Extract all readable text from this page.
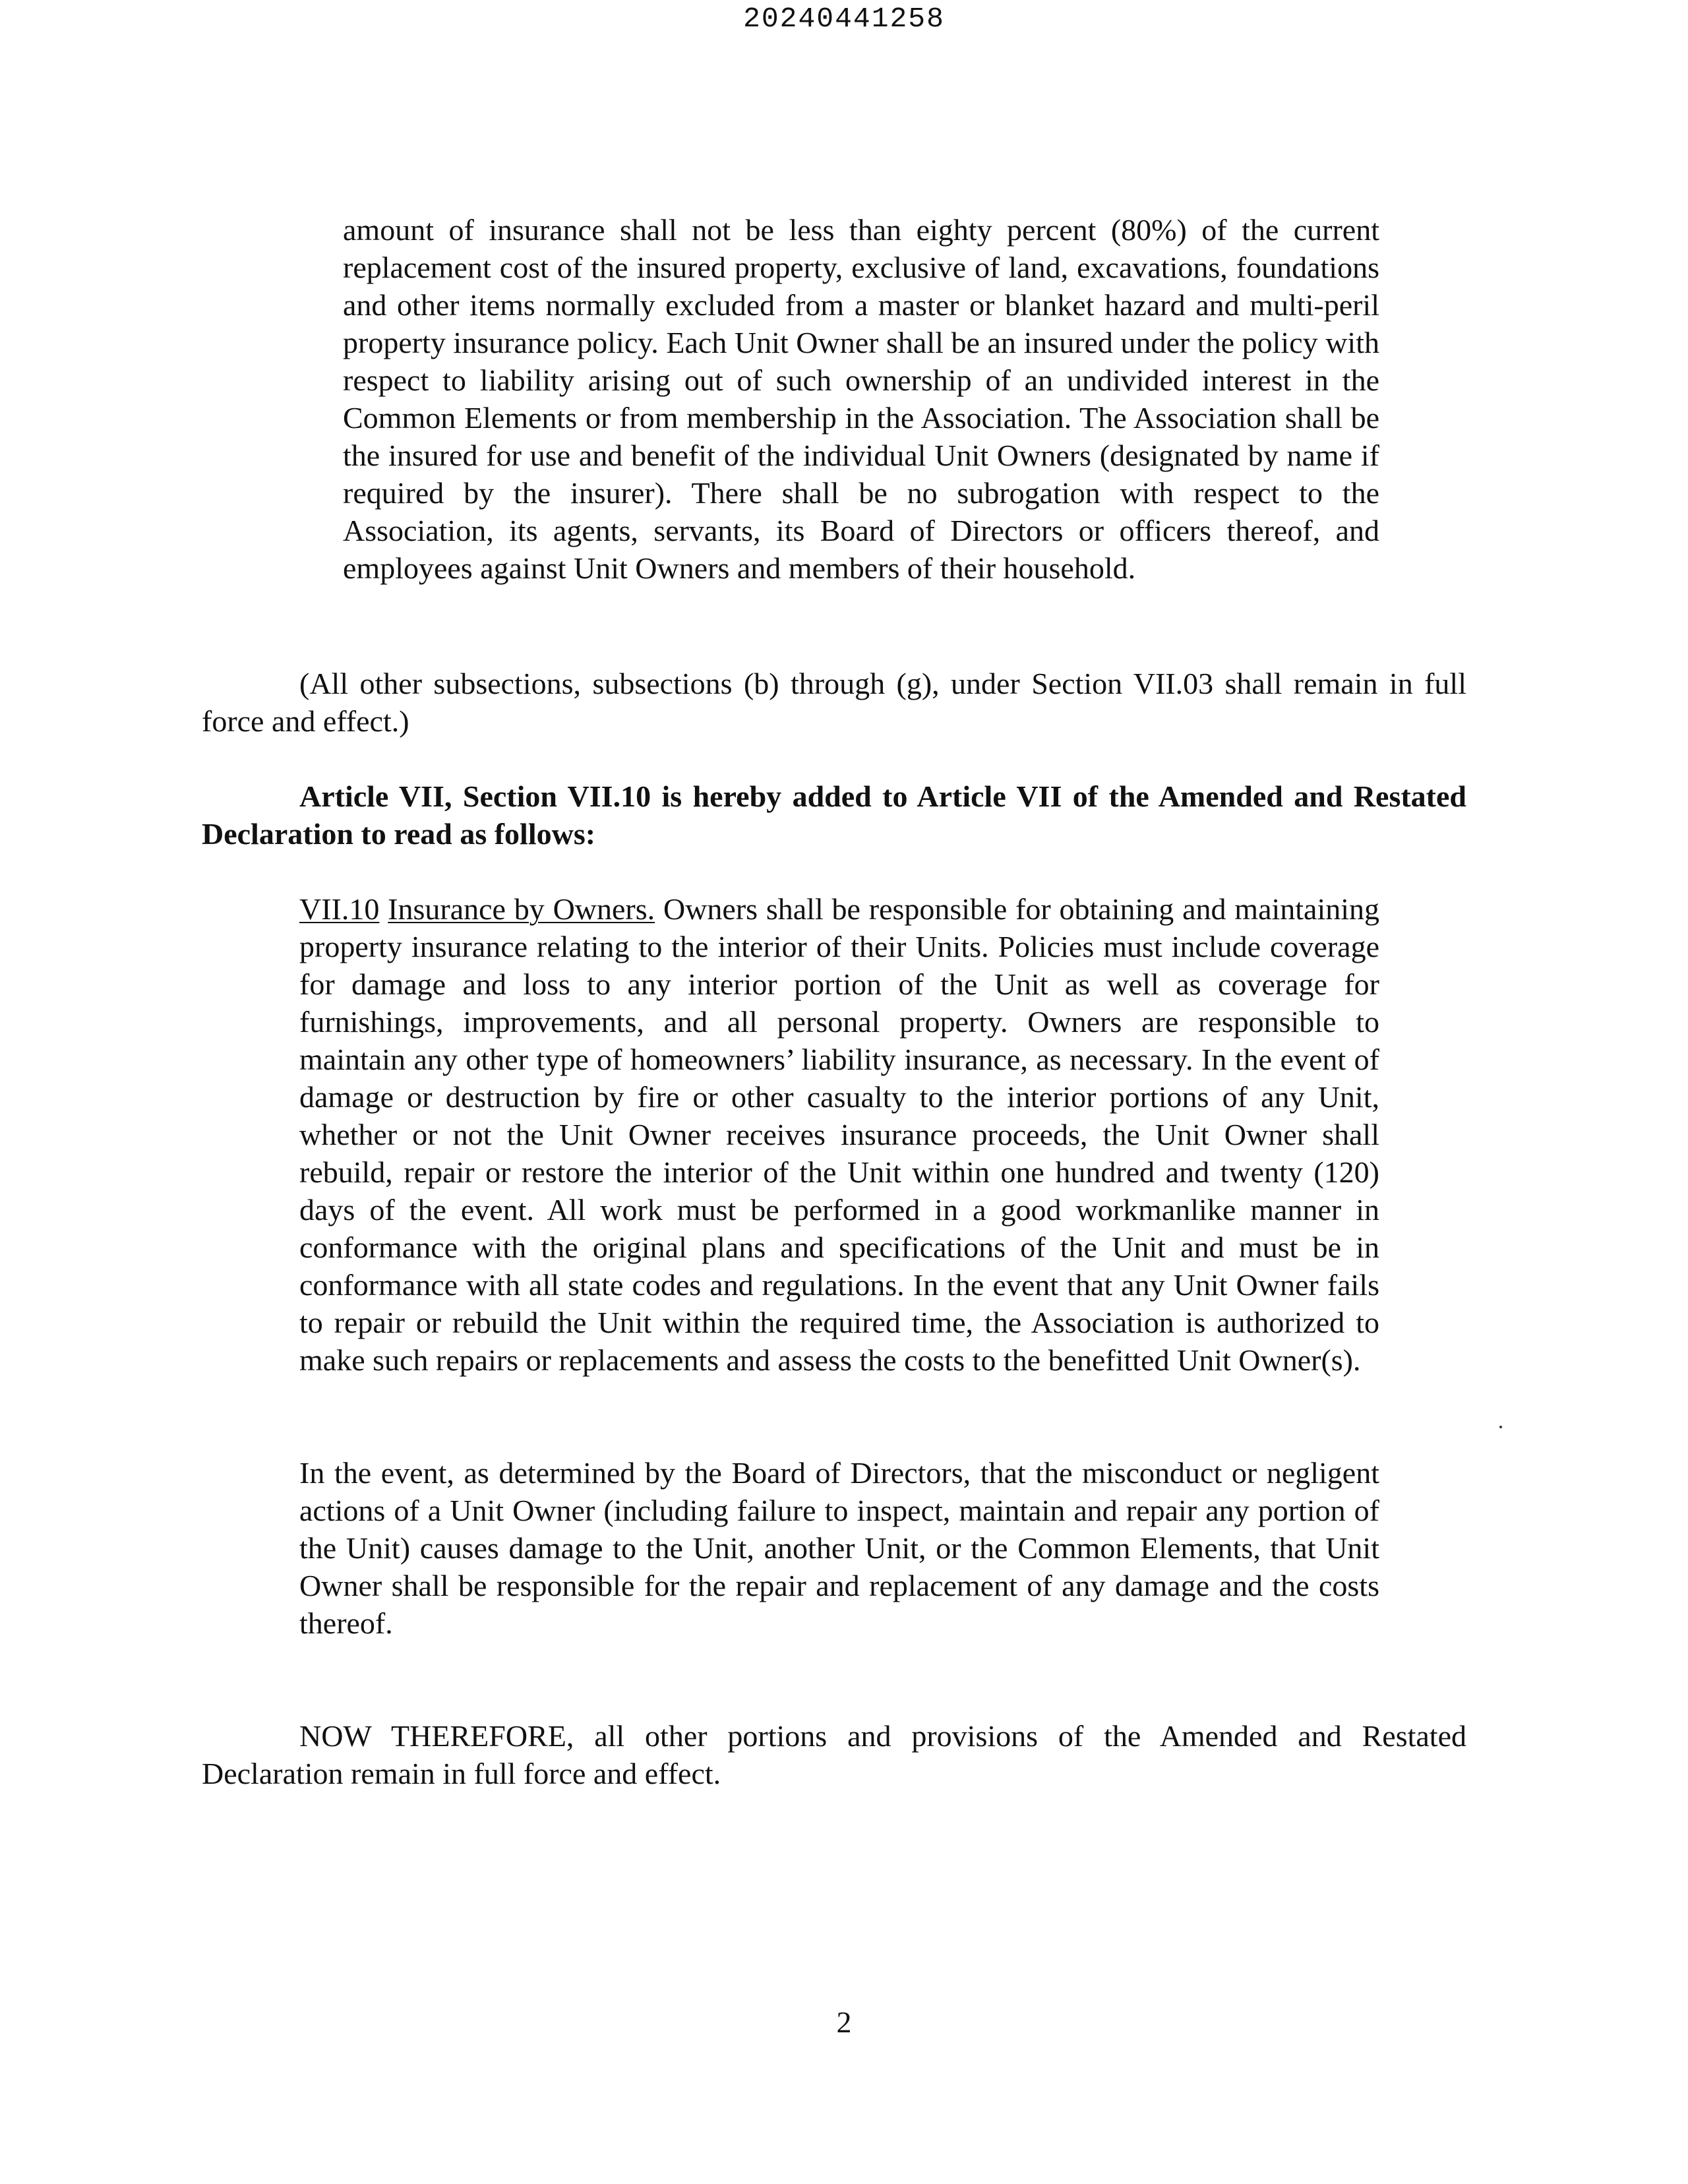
20240441258

amount of insurance shall not be less than eighty percent (80%) of the current replacement cost of the insured property, exclusive of land, excavations, foundations and other items normally excluded from a master or blanket hazard and multi-peril property insurance policy. Each Unit Owner shall be an insured under the policy with respect to liability arising out of such ownership of an undivided interest in the Common Elements or from membership in the Association. The Association shall be the insured for use and benefit of the individual Unit Owners (designated by name if required by the insurer). There shall be no subrogation with respect to the Association, its agents, servants, its Board of Directors or officers thereof, and employees against Unit Owners and members of their household.

(All other subsections, subsections (b) through (g), under Section VII.03 shall remain in full force and effect.)

Article VII, Section VII.10 is hereby added to Article VII of the Amended and Restated Declaration to read as follows:

VII.10 Insurance by Owners. Owners shall be responsible for obtaining and maintaining property insurance relating to the interior of their Units. Policies must include coverage for damage and loss to any interior portion of the Unit as well as coverage for furnishings, improvements, and all personal property. Owners are responsible to maintain any other type of homeowners’ liability insurance, as necessary. In the event of damage or destruction by fire or other casualty to the interior portions of any Unit, whether or not the Unit Owner receives insurance proceeds, the Unit Owner shall rebuild, repair or restore the interior of the Unit within one hundred and twenty (120) days of the event. All work must be performed in a good workmanlike manner in conformance with the original plans and specifications of the Unit and must be in conformance with all state codes and regulations. In the event that any Unit Owner fails to repair or rebuild the Unit within the required time, the Association is authorized to make such repairs or replacements and assess the costs to the benefitted Unit Owner(s).

In the event, as determined by the Board of Directors, that the misconduct or negligent actions of a Unit Owner (including failure to inspect, maintain and repair any portion of the Unit) causes damage to the Unit, another Unit, or the Common Elements, that Unit Owner shall be responsible for the repair and replacement of any damage and the costs thereof.

NOW THEREFORE, all other portions and provisions of the Amended and Restated Declaration remain in full force and effect.

2
